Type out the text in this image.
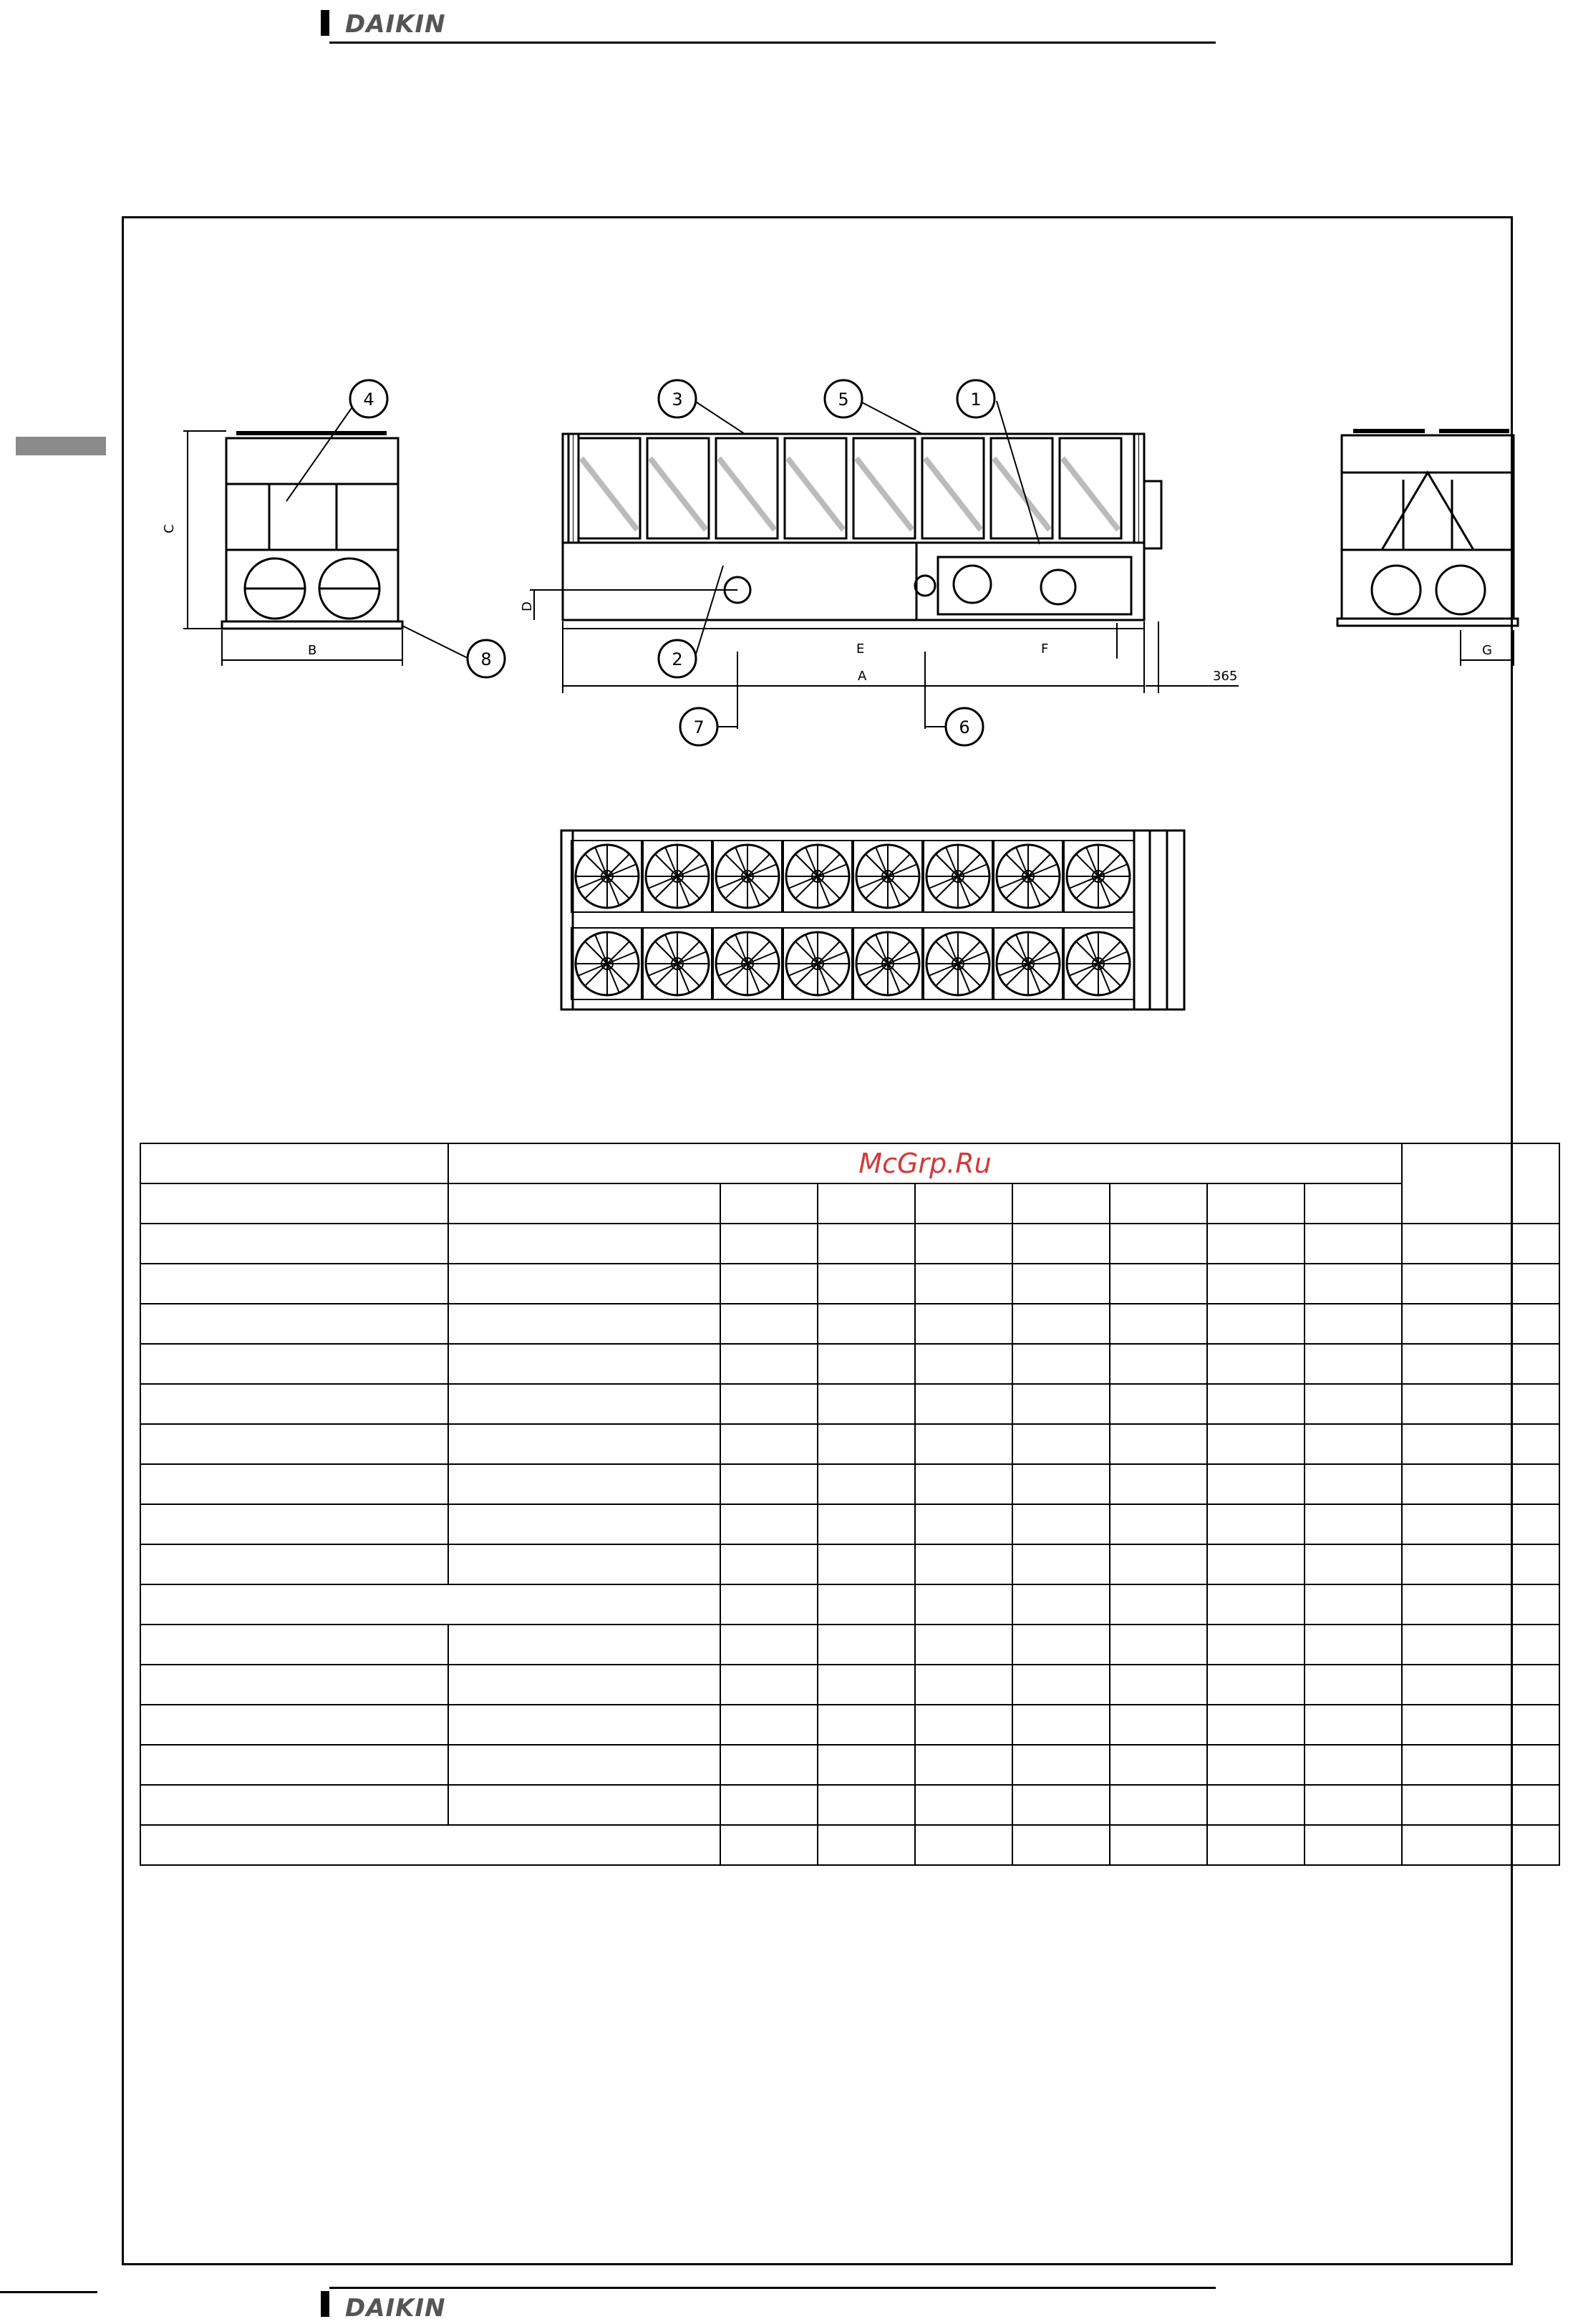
DAIKIN
C
B	E	F
A	365
D
G
1
2
3
4	5
6
7
8

	McGrp.Ru								

DAIKIN
